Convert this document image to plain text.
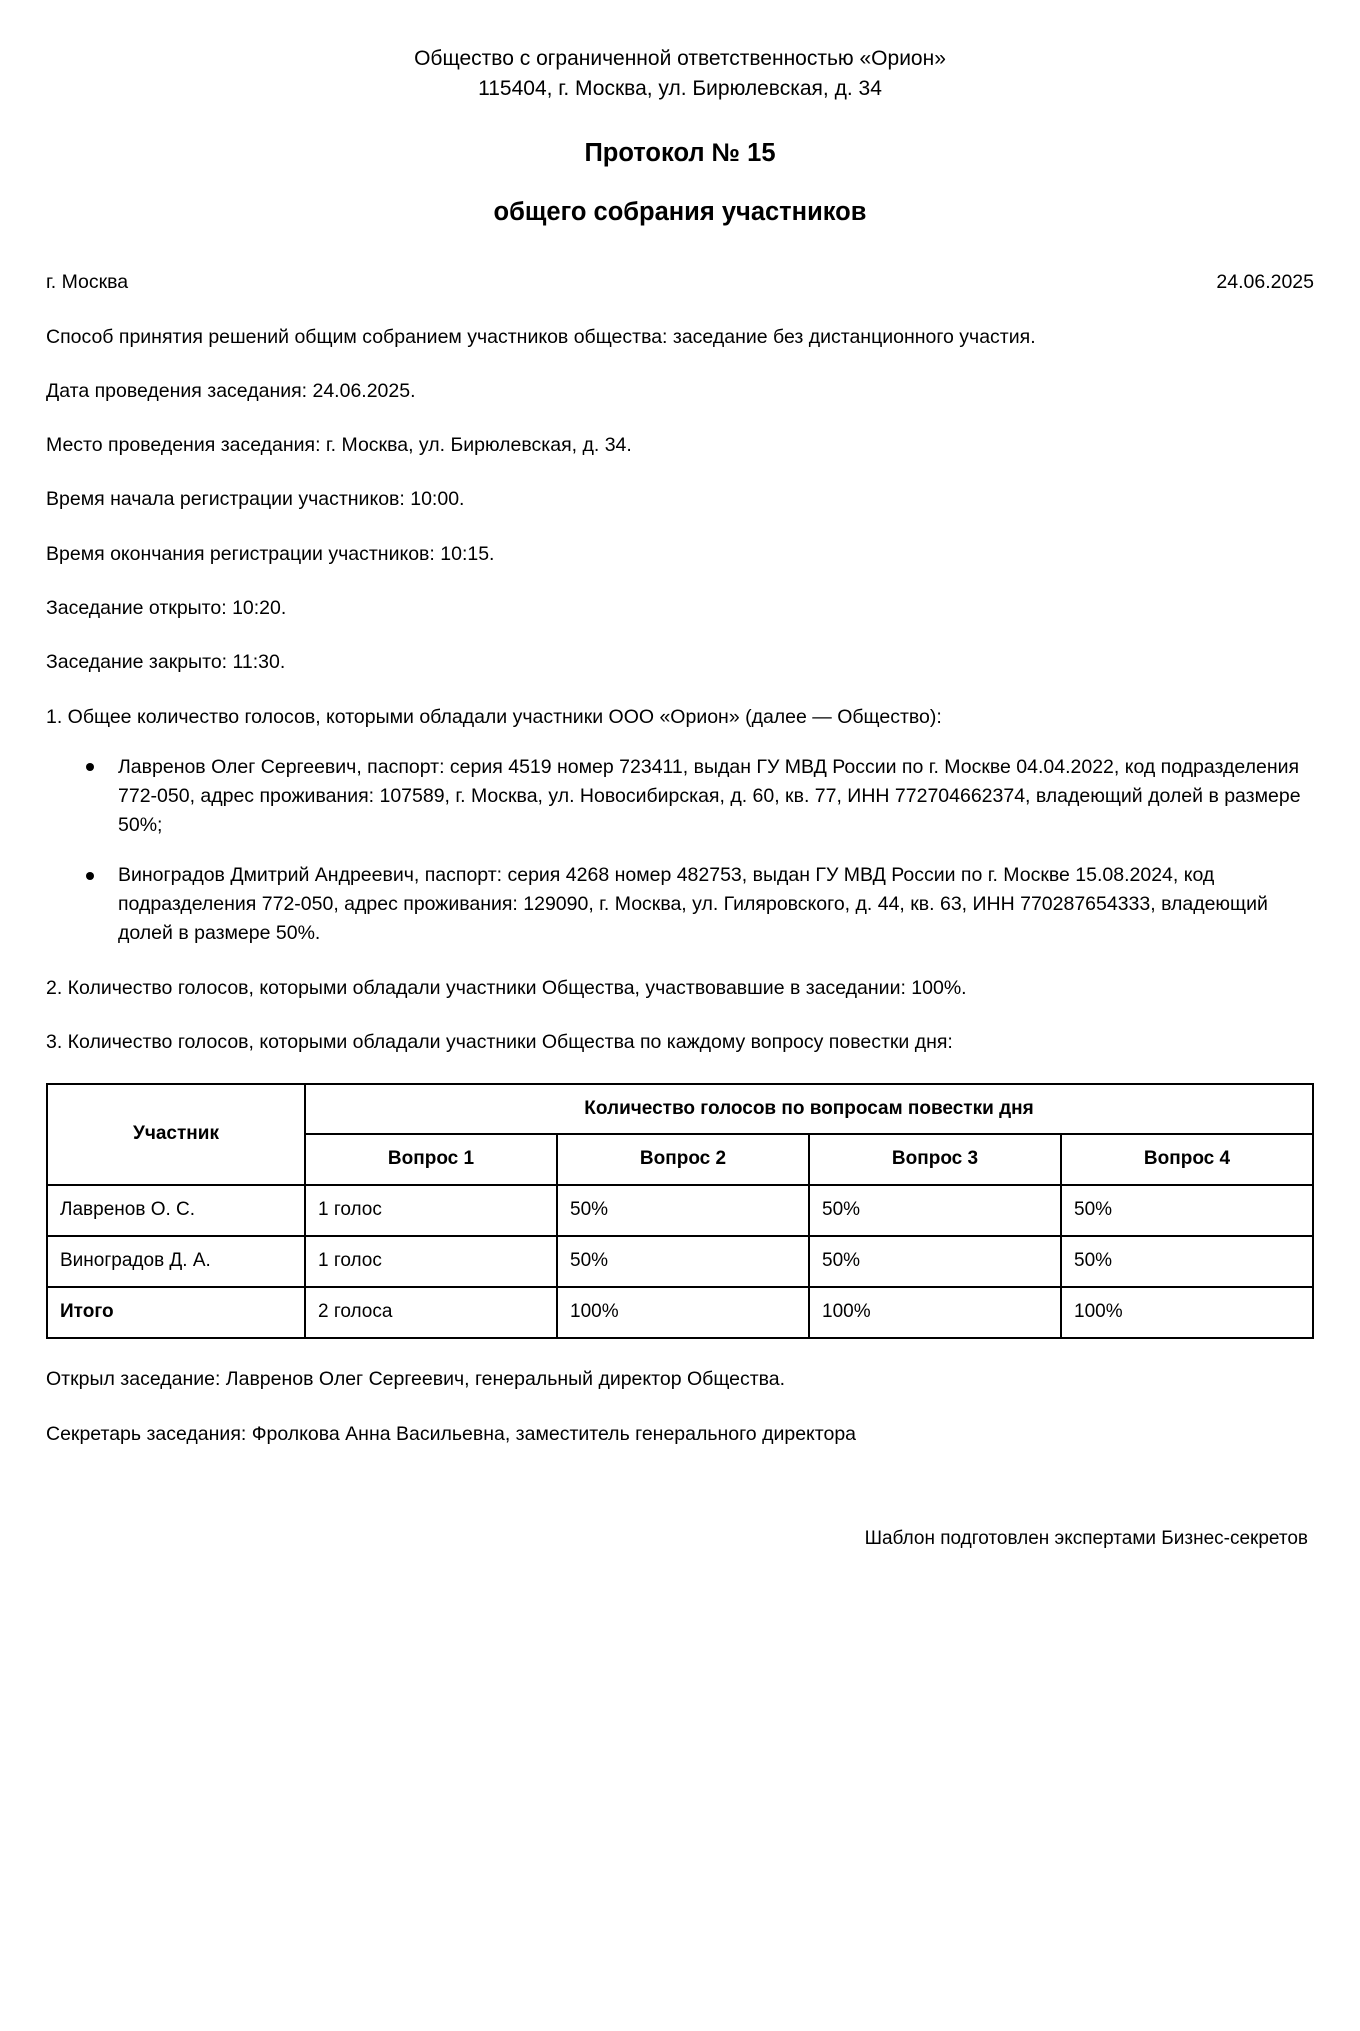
Общество с ограниченной ответственностью «Орион»
115404, г. Москва, ул. Бирюлевская, д. 34
Протокол № 15
общего собрания участников
г. Москва	24.06.2025

Способ принятия решений общим собранием участников общества: заседание без дистанционного участия.

Дата проведения заседания: 24.06.2025.

Место проведения заседания: г. Москва, ул. Бирюлевская, д. 34.

Время начала регистрации участников: 10:00.

Время окончания регистрации участников: 10:15.

Заседание открыто: 10:20.

Заседание закрыто: 11:30.

1. Общее количество голосов, которыми обладали участники ООО «Орион» (далее — Общество):

Лавренов Олег Сергеевич, паспорт: серия 4519 номер 723411, выдан ГУ МВД России по г. Москве 04.04.2022, код подразделения 772-050, адрес проживания: 107589, г. Москва, ул. Новосибирская, д. 60, кв. 77, ИНН 772704662374, владеющий долей в размере 50%;
Виноградов Дмитрий Андреевич, паспорт: серия 4268 номер 482753, выдан ГУ МВД России по г. Москве 15.08.2024, код подразделения 772-050, адрес проживания: 129090, г. Москва, ул. Гиляровского, д. 44, кв. 63, ИНН 770287654333, владеющий долей в размере 50%.

2. Количество голосов, которыми обладали участники Общества, участвовавшие в заседании: 100%.

3. Количество голосов, которыми обладали участники Общества по каждому вопросу повестки дня:

Участник	Количество голосов по вопросам повестки дня			
	Вопрос 1	Вопрос 2	Вопрос 3	Вопрос 4
Лавренов О. С.	1 голос	50%	50%	50%
Виноградов Д. А.	1 голос	50%	50%	50%
Итого	2 голоса	100%	100%	100%

Открыл заседание: Лавренов Олег Сергеевич, генеральный директор Общества.

Секретарь заседания: Фролкова Анна Васильевна, заместитель генерального директора

Шаблон подготовлен экспертами Бизнес-секретов
